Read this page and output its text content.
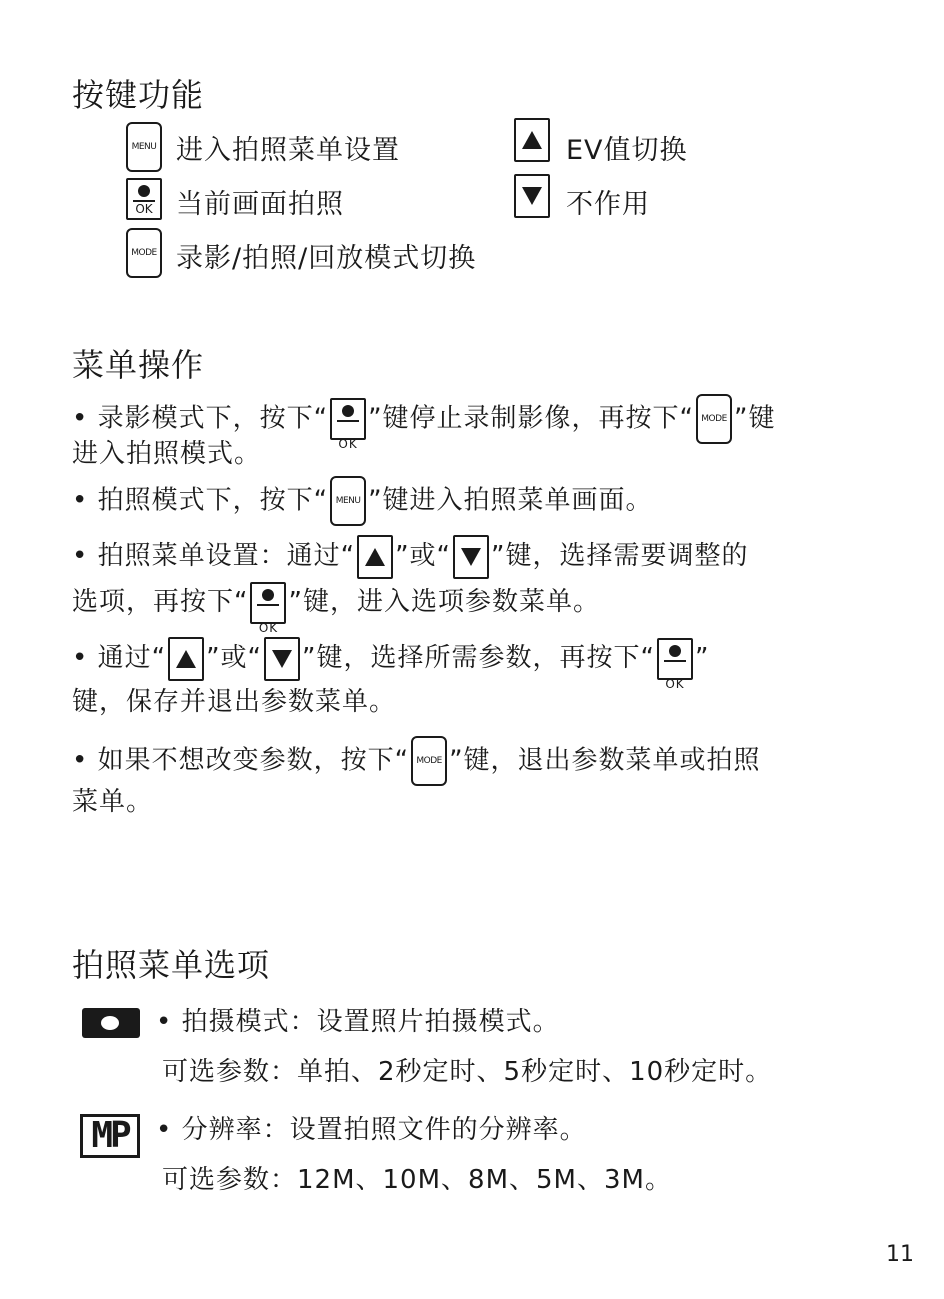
按键功能
MENU 进入拍照菜单设置
OK 当前画面拍照
MODE 录影/拍照/回放模式切换
EV值切换
不作用
菜单操作
• 录影模式下，按下“
OK
”键停止录制影像，再按下“ MODE ”键
进入拍照模式。
• 拍照模式下，按下“ MENU ”键进入拍照菜单画面。
• 拍照菜单设置：通过“ ”或“ ”键，选择需要调整的
选项，再按下“
OK
”键，进入选项参数菜单。
• 通过“ ”或“ ”键，选择所需参数，再按下“
OK
”
键，保存并退出参数菜单。
• 如果不想改变参数，按下“ MODE ”键，退出参数菜单或拍照
菜单。
拍照菜单选项
• 拍摄模式：设置照片拍摄模式。
可选参数：单拍、2秒定时、5秒定时、10秒定时。
MP	• 分辨率：设置拍照文件的分辨率。
可选参数：12M、10M、8M、5M、3M。
11
